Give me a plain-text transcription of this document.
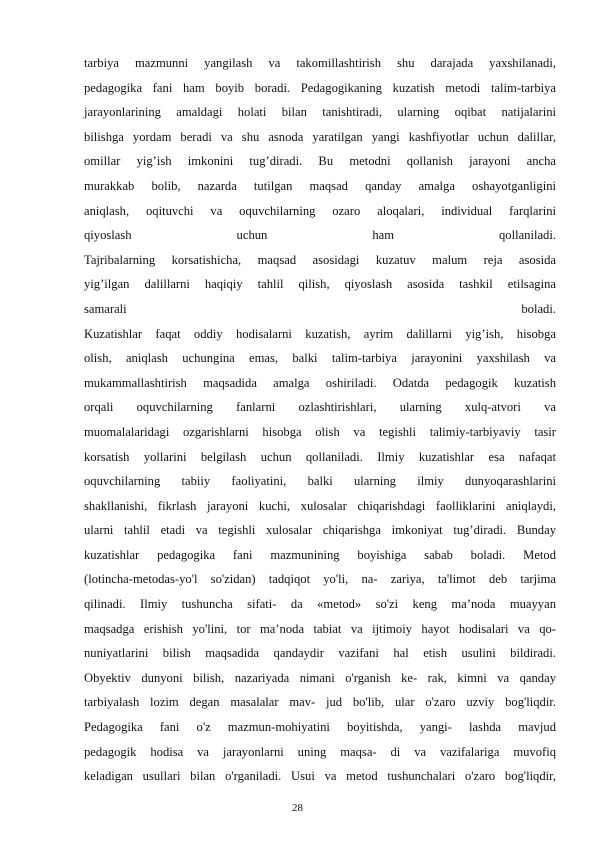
tarbiya mazmunni yangilash va takomillashtirish shu darajada yaxshilanadi,
pedagogika fani ham boyib boradi. Pedagogikaning kuzatish metodi talim-tarbiya
jarayonlarining amaldagi holati bilan tanishtiradi, ularning oqibat natijalarini
bilishga yordam beradi va shu asnoda yaratilgan yangi kashfiyotlar uchun dalillar,
omillar yig’ish imkonini tug’diradi. Bu metodni qollanish jarayoni ancha
murakkab bolib, nazarda tutilgan maqsad qanday amalga oshayotganligini
aniqlash, oqituvchi va oquvchilarning ozaro aloqalari, individual farqlarini
qiyoslash uchun ham qollaniladi.
Tajribalarning korsatishicha, maqsad asosidagi kuzatuv malum reja asosida
yig’ilgan dalillarni haqiqiy tahlil qilish, qiyoslash asosida tashkil etilsagina
samarali boladi.
Kuzatishlar faqat oddiy hodisalarni kuzatish, ayrim dalillarni yig’ish, hisobga
olish, aniqlash uchungina emas, balki talim-tarbiya jarayonini yaxshilash va
mukammallashtirish maqsadida amalga oshiriladi. Odatda pedagogik kuzatish
orqali oquvchilarning fanlarni ozlashtirishlari, ularning xulq-atvori va
muomalalaridagi ozgarishlarni hisobga olish va tegishli talimiy-tarbiyaviy tasir
korsatish yollarini belgilash uchun qollaniladi. Ilmiy kuzatishlar esa nafaqat
oquvchilarning tabiiy faoliyatini, balki ularning ilmiy dunyoqarashlarini
shakllanishi, fikrlash jarayoni kuchi, xulosalar chiqarishdagi faolliklarini aniqlaydi,
ularni tahlil etadi va tegishli xulosalar chiqarishga imkoniyat tug’diradi. Bunday
kuzatishlar pedagogika fani mazmunining boyishiga sabab boladi. Metod
(lotincha-metodas-yo'l so'zidan) tadqiqot yo'li, na- zariya, ta'limot deb tarjima
qilinadi. Ilmiy tushuncha sifati- da «metod» so'zi keng ma’noda muayyan
maqsadga erishish yo'lini, tor ma’noda tabiat va ijtimoiy hayot hodisalari va qo-
nuniyatlarini bilish maqsadida qandaydir vazifani hal etish usulini bildiradi.
Obyektiv dunyoni bilish, nazariyada nimani o'rganish ke- rak, kimni va qanday
tarbiyalash lozim degan masalalar mav- jud bo'lib, ular o'zaro uzviy bog'liqdir.
Pedagogika fani o'z mazmun-mohiyatini boyitishda, yangi- lashda mavjud
pedagogik hodisa va jarayonlarni uning maqsa- di va vazifalariga muvofiq
keladigan usullari bilan o'rganiladi. Usui va metod tushunchalari o'zaro bog'liqdir,
28
